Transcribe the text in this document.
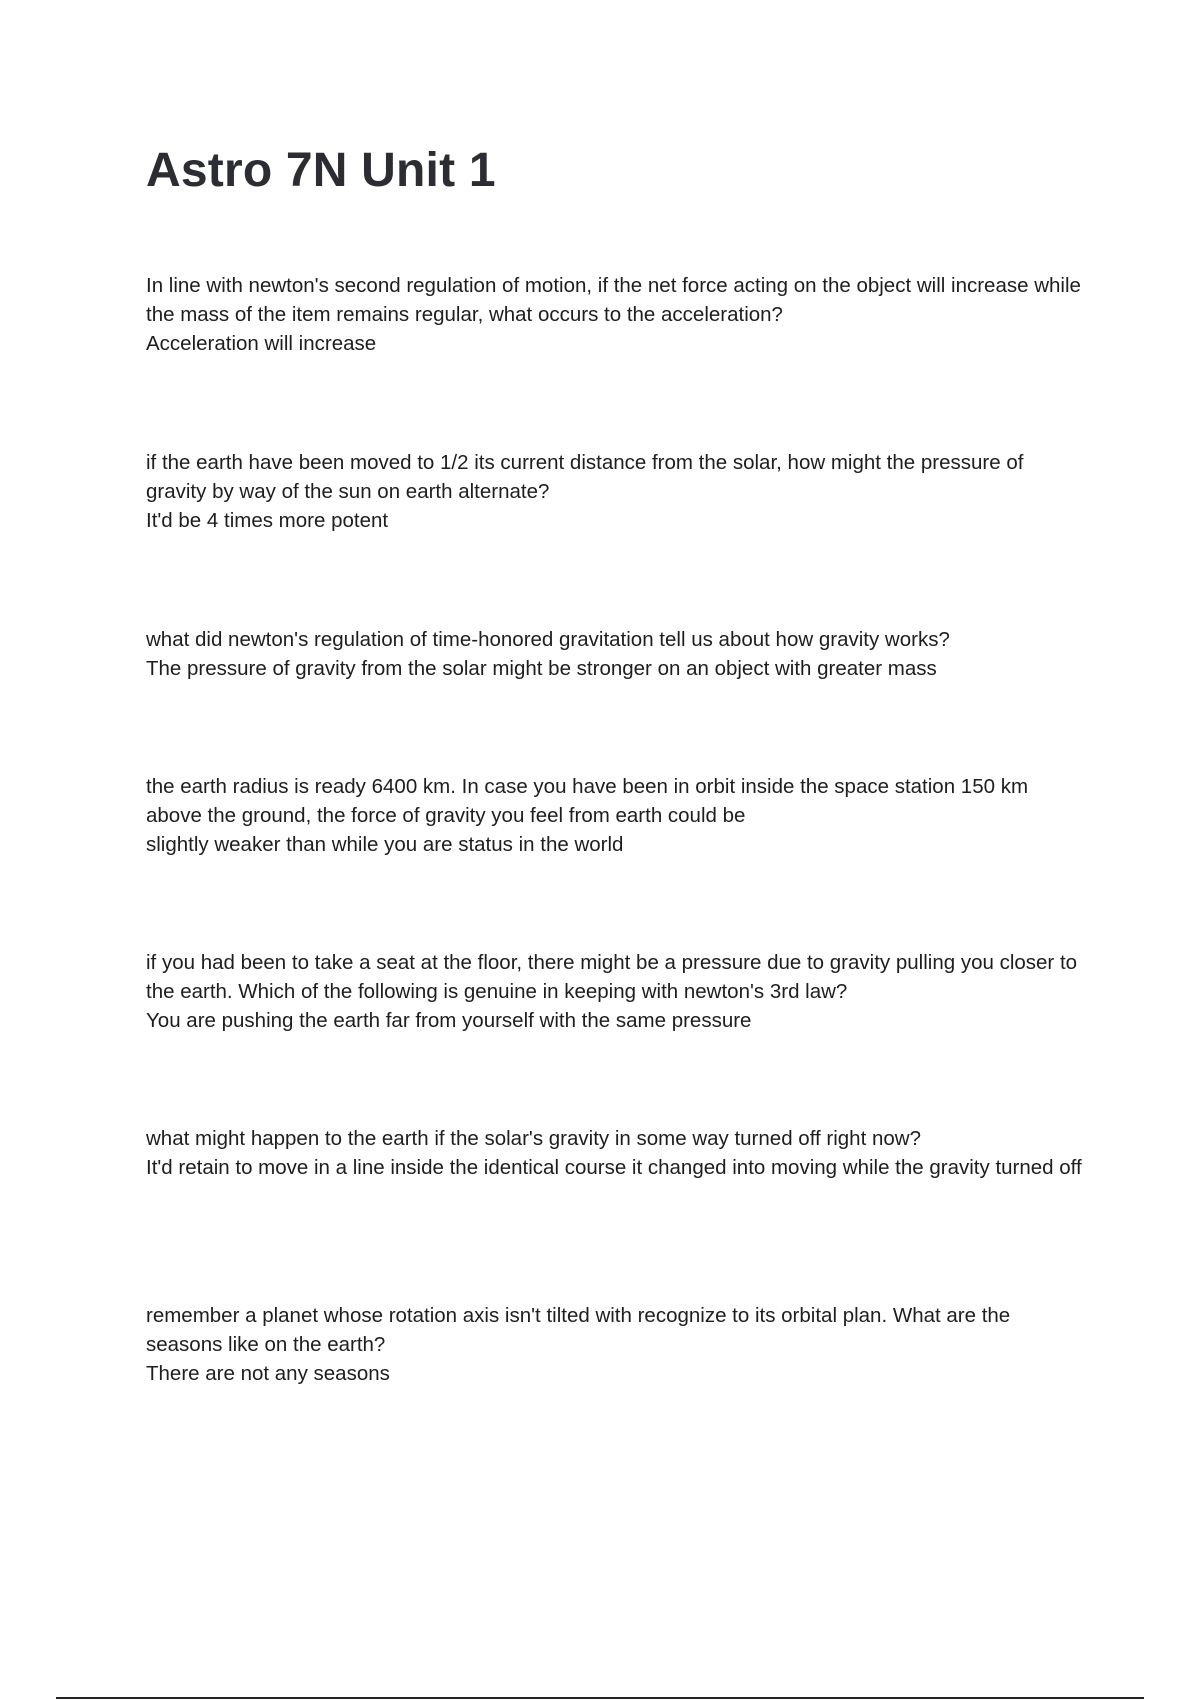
Astro 7N Unit 1

In line with newton's second regulation of motion, if the net force acting on the object will increase while the mass of the item remains regular, what occurs to the acceleration?

Acceleration will increase

if the earth have been moved to 1/2 its current distance from the solar, how might the pressure of gravity by way of the sun on earth alternate?

It'd be 4 times more potent

what did newton's regulation of time-honored gravitation tell us about how gravity works?

The pressure of gravity from the solar might be stronger on an object with greater mass

the earth radius is ready 6400 km. In case you have been in orbit inside the space station 150 km above the ground, the force of gravity you feel from earth could be

slightly weaker than while you are status in the world

if you had been to take a seat at the floor, there might be a pressure due to gravity pulling you closer to the earth. Which of the following is genuine in keeping with newton's 3rd law?

You are pushing the earth far from yourself with the same pressure

what might happen to the earth if the solar's gravity in some way turned off right now?

It'd retain to move in a line inside the identical course it changed into moving while the gravity turned off

remember a planet whose rotation axis isn't tilted with recognize to its orbital plan. What are the seasons like on the earth?

There are not any seasons
